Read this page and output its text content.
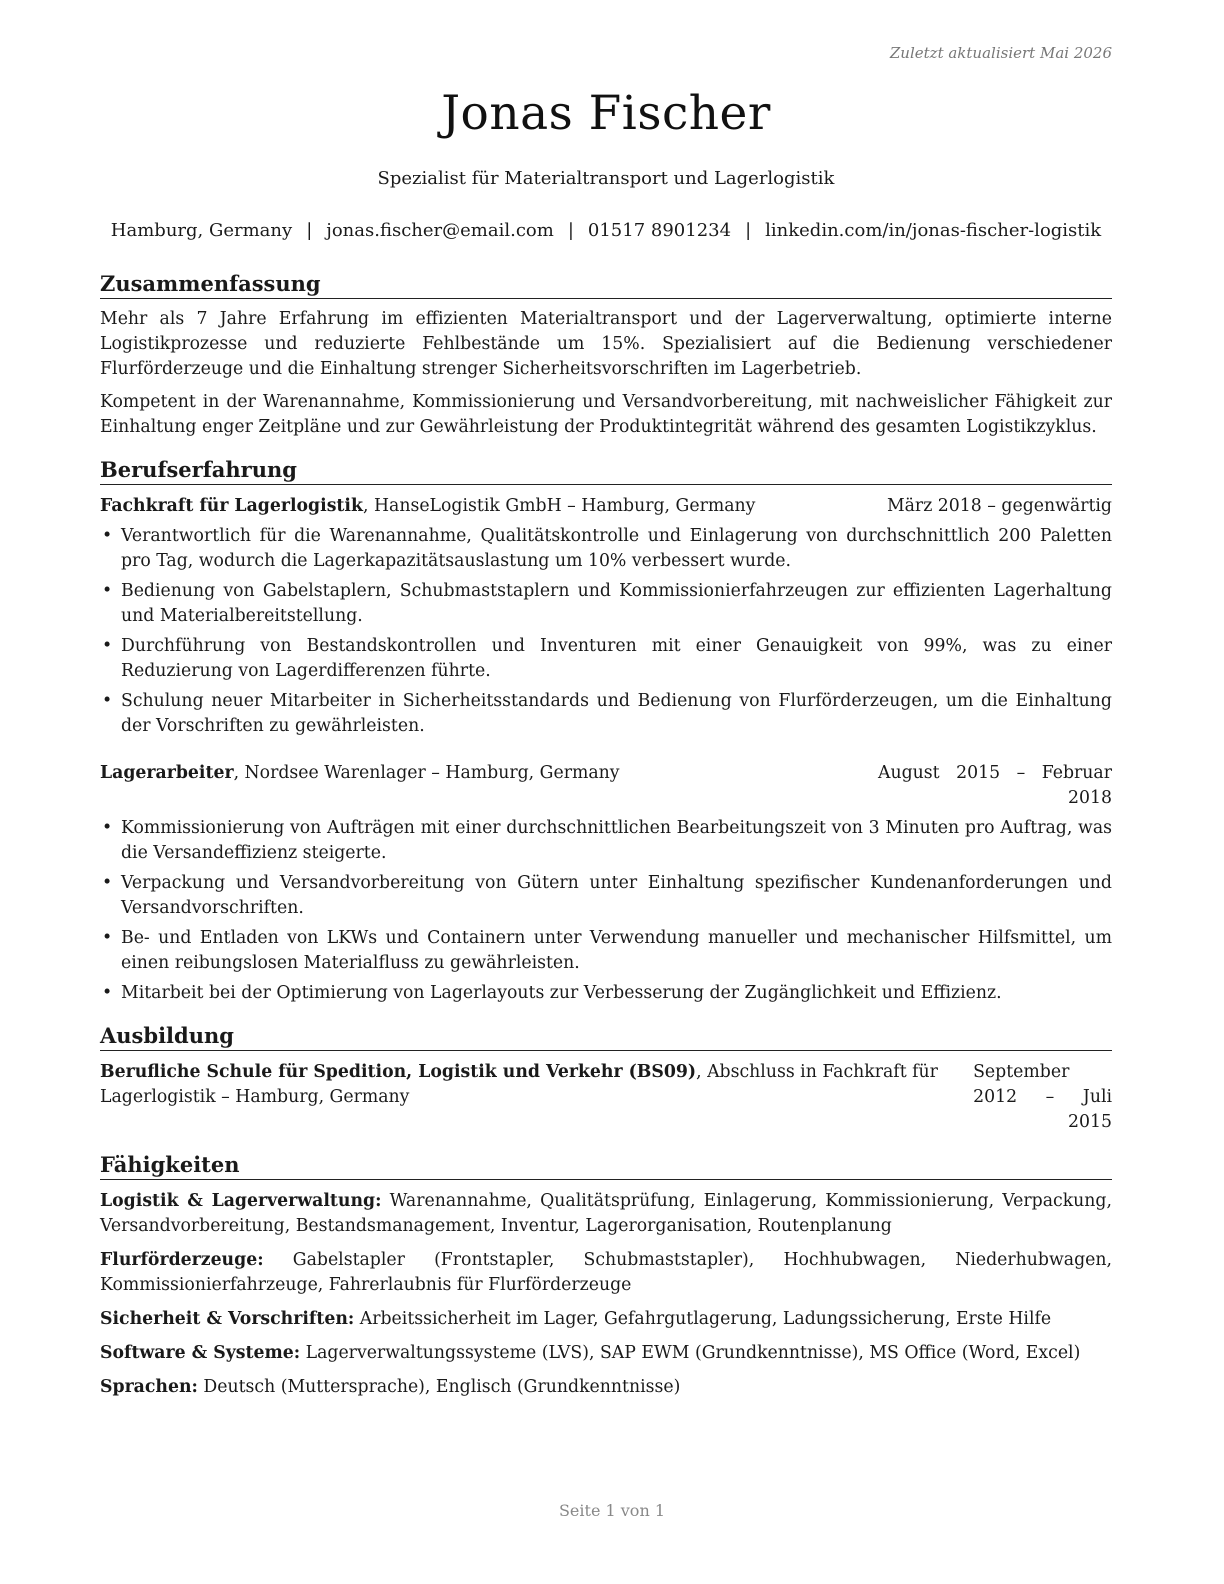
Zuletzt aktualisiert Mai 2026
Jonas Fischer
Spezialist für Materialtransport und Lagerlogistik
Hamburg, Germany | jonas.fischer@email.com | 01517 8901234 | linkedin.com/in/jonas-fischer-logistik
Zusammenfassung

Mehr als 7 Jahre Erfahrung im effizienten Materialtransport und der Lagerverwaltung, optimierte interne Logistikprozesse und reduzierte Fehlbestände um 15%. Spezialisiert auf die Bedienung verschiedener Flurförderzeuge und die Einhaltung strenger Sicherheitsvorschriften im Lagerbetrieb.

Kompetent in der Warenannahme, Kommissionierung und Versandvorbereitung, mit nachweislicher Fähigkeit zur Einhaltung enger Zeitpläne und zur Gewährleistung der Produktintegrität während des gesamten Logistikzyklus.

Berufserfahrung
Fachkraft für Lagerlogistik, HanseLogistik GmbH – Hamburg, Germany	März 2018 – gegenwärtig
• Verantwortlich für die Warenannahme, Qualitätskontrolle und Einlagerung von durchschnittlich 200 Paletten pro Tag, wodurch die Lagerkapazitätsauslastung um 10% verbessert wurde.
• Bedienung von Gabelstaplern, Schubmaststaplern und Kommissionierfahrzeugen zur effizienten Lagerhaltung und Materialbereitstellung.
• Durchführung von Bestandskontrollen und Inventuren mit einer Genauigkeit von 99%, was zu einer Reduzierung von Lagerdifferenzen führte.
• Schulung neuer Mitarbeiter in Sicherheitsstandards und Bedienung von Flurförderzeugen, um die Einhaltung der Vorschriften zu gewährleisten.
Lagerarbeiter, Nordsee Warenlager – Hamburg, Germany	August 2015 – Februar 2018
• Kommissionierung von Aufträgen mit einer durchschnittlichen Bearbeitungszeit von 3 Minuten pro Auftrag, was die Versandeffizienz steigerte.
• Verpackung und Versandvorbereitung von Gütern unter Einhaltung spezifischer Kundenanforderungen und Versandvorschriften.
• Be- und Entladen von LKWs und Containern unter Verwendung manueller und mechanischer Hilfsmittel, um einen reibungslosen Materialfluss zu gewährleisten.
• Mitarbeit bei der Optimierung von Lagerlayouts zur Verbesserung der Zugänglichkeit und Effizienz.
Ausbildung
Berufliche Schule für Spedition, Logistik und Verkehr (BS09), Abschluss in Fachkraft für Lagerlogistik – Hamburg, Germany
September 2012 – Juli 2015
Fähigkeiten
Logistik & Lagerverwaltung: Warenannahme, Qualitätsprüfung, Einlagerung, Kommissionierung, Verpackung, Versandvorbereitung, Bestandsmanagement, Inventur, Lagerorganisation, Routenplanung
Flurförderzeuge: Gabelstapler (Frontstapler, Schubmaststapler), Hochhubwagen, Niederhubwagen, Kommissionierfahrzeuge, Fahrerlaubnis für Flurförderzeuge
Sicherheit & Vorschriften: Arbeitssicherheit im Lager, Gefahrgutlagerung, Ladungssicherung, Erste Hilfe
Software & Systeme: Lagerverwaltungssysteme (LVS), SAP EWM (Grundkenntnisse), MS Office (Word, Excel)
Sprachen: Deutsch (Muttersprache), Englisch (Grundkenntnisse)
Seite 1 von 1
